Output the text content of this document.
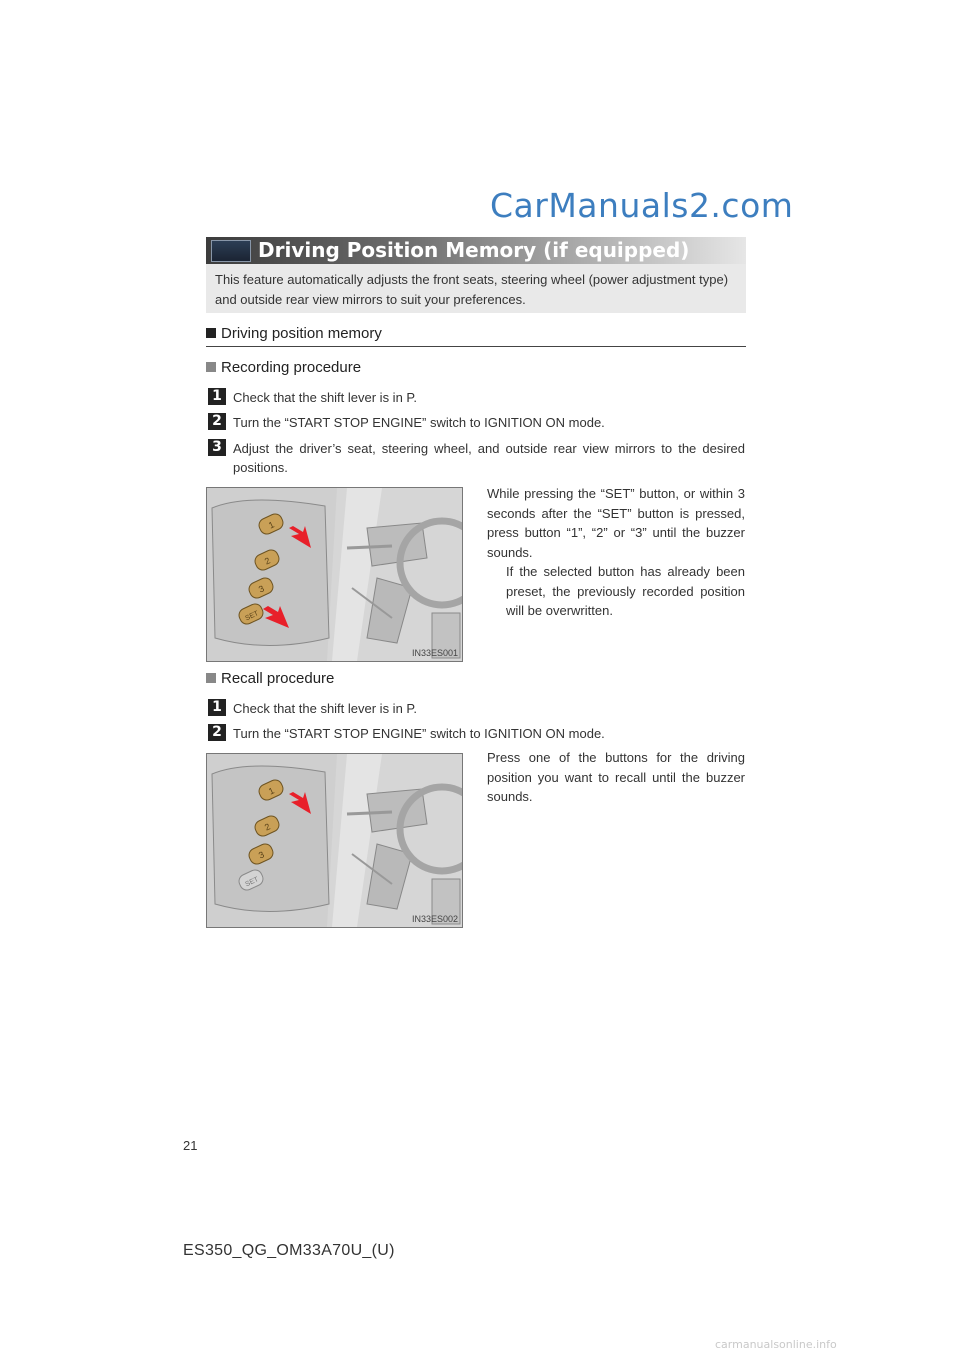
CarManuals2.com
Driving Position Memory (if equipped)

This feature automatically adjusts the front seats, steering wheel (power adjustment type) and outside rear view mirrors to suit your preferences.

Driving position memory
Recording procedure
1 Check that the shift lever is in P.
2 Turn the “START STOP ENGINE” switch to IGNITION ON mode.
3 Adjust the driver’s seat, steering wheel, and outside rear view mirrors to the desired positions.
1
2
3
SET
IN33ES001
While pressing the “SET” button, or within 3 seconds after the “SET” button is pressed, press button “1”, “2” or “3” until the buzzer sounds.
If the selected button has already been preset, the previously recorded position will be overwritten.
Recall procedure
1 Check that the shift lever is in P.
2 Turn the “START STOP ENGINE” switch to IGNITION ON mode.
1
2
3
SET
IN33ES002
Press one of the buttons for the driving position you want to recall until the buzzer sounds.
21
ES350_QG_OM33A70U_(U)
carmanualsonline.info
